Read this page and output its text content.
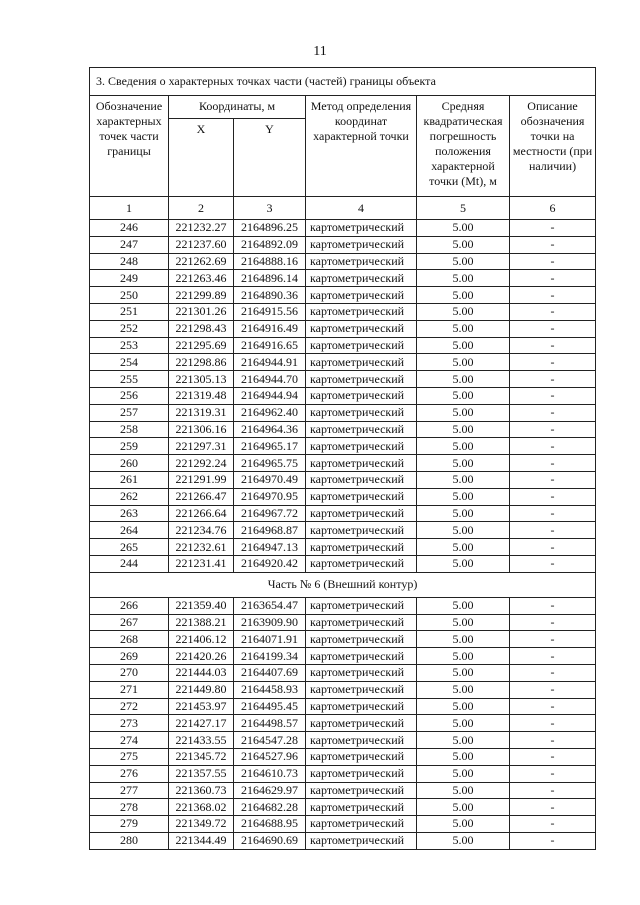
11
3. Сведения о характерных точках части (частей) границы объекта					
Обозначение характерных точек части границы	Координаты, м		Метод определения координат характерной точки	Средняя квадратическая погрешность положения характерной точки (Mt), м	Описание обозначения точки на местности (при наличии)
	X	Y			
1	2	3	4	5	6
246	221232.27	2164896.25	картометрический	5.00	-
247	221237.60	2164892.09	картометрический	5.00	-
248	221262.69	2164888.16	картометрический	5.00	-
249	221263.46	2164896.14	картометрический	5.00	-
250	221299.89	2164890.36	картометрический	5.00	-
251	221301.26	2164915.56	картометрический	5.00	-
252	221298.43	2164916.49	картометрический	5.00	-
253	221295.69	2164916.65	картометрический	5.00	-
254	221298.86	2164944.91	картометрический	5.00	-
255	221305.13	2164944.70	картометрический	5.00	-
256	221319.48	2164944.94	картометрический	5.00	-
257	221319.31	2164962.40	картометрический	5.00	-
258	221306.16	2164964.36	картометрический	5.00	-
259	221297.31	2164965.17	картометрический	5.00	-
260	221292.24	2164965.75	картометрический	5.00	-
261	221291.99	2164970.49	картометрический	5.00	-
262	221266.47	2164970.95	картометрический	5.00	-
263	221266.64	2164967.72	картометрический	5.00	-
264	221234.76	2164968.87	картометрический	5.00	-
265	221232.61	2164947.13	картометрический	5.00	-
244	221231.41	2164920.42	картометрический	5.00	-
Часть № 6 (Внешний контур)					
266	221359.40	2163654.47	картометрический	5.00	-
267	221388.21	2163909.90	картометрический	5.00	-
268	221406.12	2164071.91	картометрический	5.00	-
269	221420.26	2164199.34	картометрический	5.00	-
270	221444.03	2164407.69	картометрический	5.00	-
271	221449.80	2164458.93	картометрический	5.00	-
272	221453.97	2164495.45	картометрический	5.00	-
273	221427.17	2164498.57	картометрический	5.00	-
274	221433.55	2164547.28	картометрический	5.00	-
275	221345.72	2164527.96	картометрический	5.00	-
276	221357.55	2164610.73	картометрический	5.00	-
277	221360.73	2164629.97	картометрический	5.00	-
278	221368.02	2164682.28	картометрический	5.00	-
279	221349.72	2164688.95	картометрический	5.00	-
280	221344.49	2164690.69	картометрический	5.00	-
